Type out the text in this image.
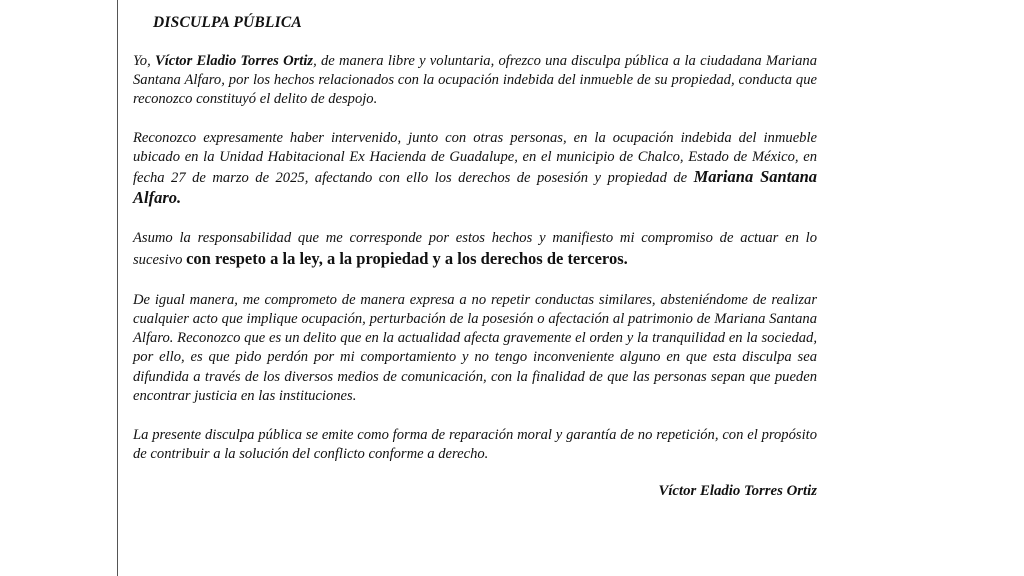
DISCULPA PÚBLICA

Yo, Víctor Eladio Torres Ortiz, de manera libre y voluntaria, ofrezco una disculpa pública a la ciudadana Mariana Santana Alfaro, por los hechos relacionados con la ocupación indebida del inmueble de su propiedad, conducta que reconozco constituyó el delito de despojo.

Reconozco expresamente haber intervenido, junto con otras personas, en la ocupación indebida del inmueble ubicado en la Unidad Habitacional Ex Hacienda de Guadalupe, en el municipio de Chalco, Estado de México, en fecha 27 de marzo de 2025, afectando con ello los derechos de posesión y propiedad de Mariana Santana Alfaro.

Asumo la responsabilidad que me corresponde por estos hechos y manifiesto mi compromiso de actuar en lo sucesivo con respeto a la ley, a la propiedad y a los derechos de terceros.

De igual manera, me comprometo de manera expresa a no repetir conductas similares, absteniéndome de realizar cualquier acto que implique ocupación, perturbación de la posesión o afectación al patrimonio de Mariana Santana Alfaro. Reconozco que es un delito que en la actualidad afecta gravemente el orden y la tranquilidad en la sociedad, por ello, es que pido perdón por mi comportamiento y no tengo inconveniente alguno en que esta disculpa sea difundida a través de los diversos medios de comunicación, con la finalidad de que las personas sepan que pueden encontrar justicia en las instituciones.

La presente disculpa pública se emite como forma de reparación moral y garantía de no repetición, con el propósito de contribuir a la solución del conflicto conforme a derecho.

Víctor Eladio Torres Ortiz
